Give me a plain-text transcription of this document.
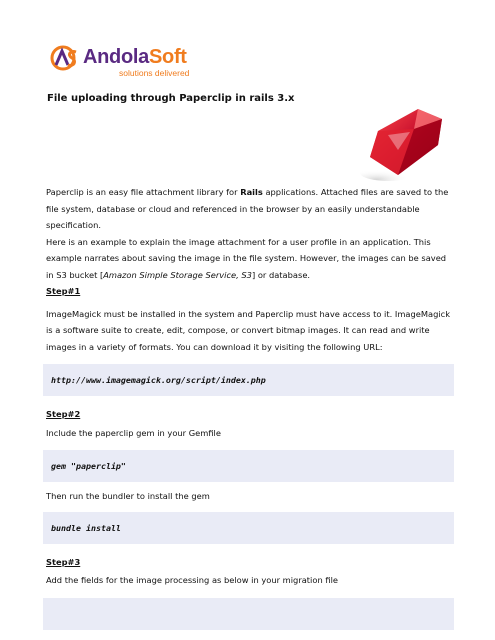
AndolaSoft
solutions delivered
File uploading through Paperclip in rails 3.x

Paperclip is an easy file attachment library for Rails applications. Attached files are saved to the file system, database or cloud and referenced in the browser by an easily understandable specification.

Here is an example to explain the image attachment for a user profile in an application. This example narrates about saving the image in the file system. However, the images can be saved in S3 bucket [Amazon Simple Storage Service, S3] or database.

Step#1

ImageMagick must be installed in the system and Paperclip must have access to it. ImageMagick is a software suite to create, edit, compose, or convert bitmap images. It can read and write images in a variety of formats. You can download it by visiting the following URL:

http://www.imagemagick.org/script/index.php

Step#2

Include the paperclip gem in your Gemfile

gem "paperclip"

Then run the bundler to install the gem

bundle install

Step#3

Add the fields for the image processing as below in your migration file
